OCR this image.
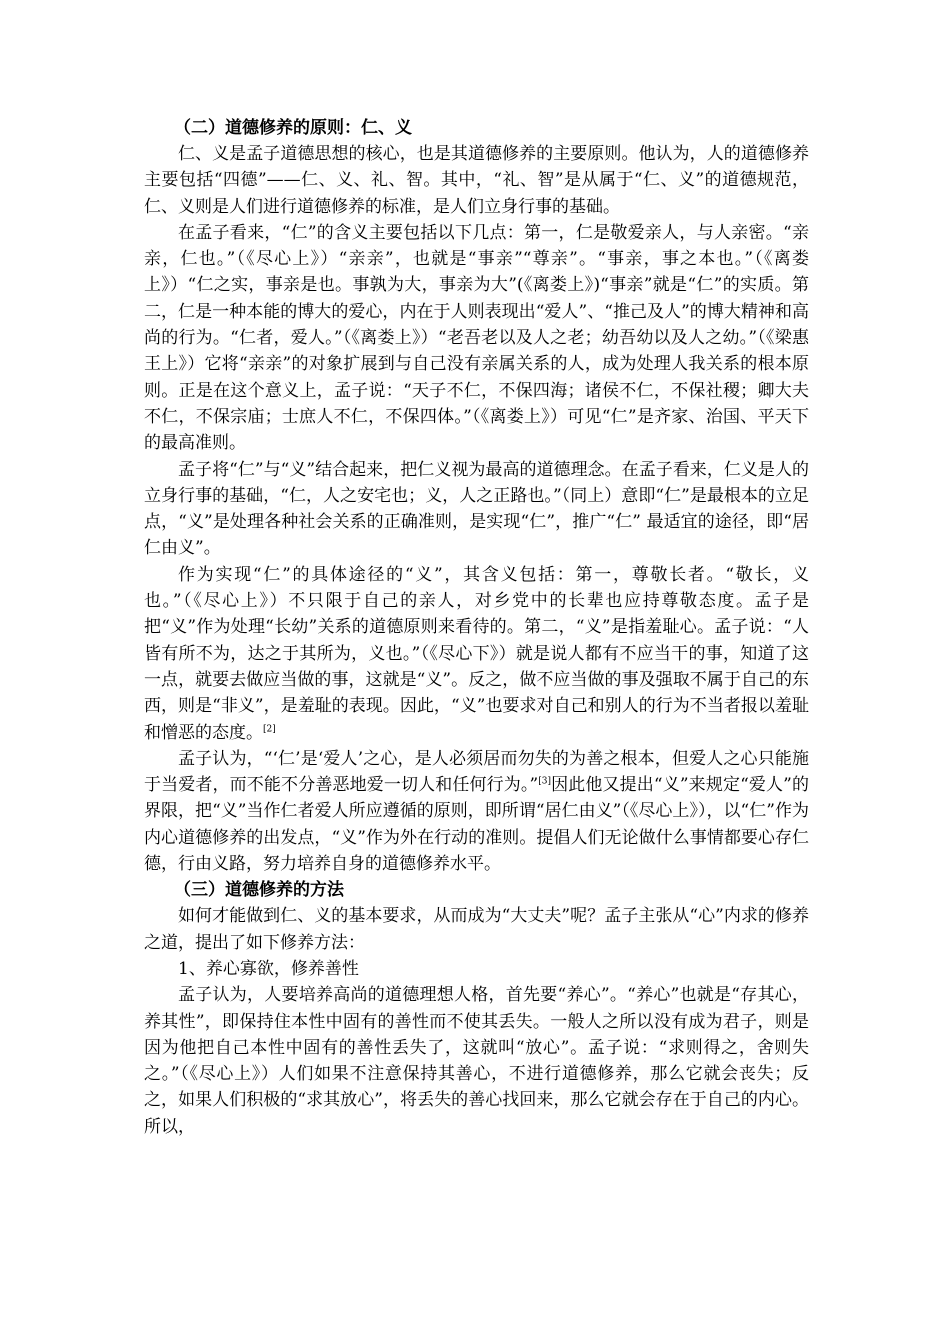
（二）道德修养的原则：仁、义

仁、义是孟子道德思想的核心，也是其道德修养的主要原则。他认为，人的道德修养主要包括“四德”——仁、义、礼、智。其中，“礼、智”是从属于“仁、义”的道德规范，仁、义则是人们进行道德修养的标准，是人们立身行事的基础。

在孟子看来，“仁”的含义主要包括以下几点：第一，仁是敬爱亲人，与人亲密。“亲亲，仁也。”（《尽心上》）“亲亲”，也就是“事亲”“尊亲”。“事亲，事之本也。”（《离娄上》）“仁之实，事亲是也。事孰为大，事亲为大”(《离娄上》)“事亲”就是“仁”的实质。第二，仁是一种本能的博大的爱心，内在于人则表现出“爱人”、“推己及人”的博大精神和高尚的行为。“仁者，爱人。”（《离娄上》）“老吾老以及人之老；幼吾幼以及人之幼。”（《梁惠王上》）它将“亲亲”的对象扩展到与自己没有亲属关系的人，成为处理人我关系的根本原则。正是在这个意义上，孟子说：“天子不仁，不保四海；诸侯不仁，不保社稷；卿大夫不仁，不保宗庙；士庶人不仁，不保四体。”（《离娄上》）可见“仁”是齐家、治国、平天下的最高准则。

孟子将“仁”与“义”结合起来，把仁义视为最高的道德理念。在孟子看来，仁义是人的立身行事的基础，“仁，人之安宅也；义，人之正路也。”（同上）意即“仁”是最根本的立足点，“义”是处理各种社会关系的正确准则，是实现“仁”，推广“仁” 最适宜的途径，即“居仁由义”。

作为实现“仁”的具体途径的“义”，其含义包括：第一，尊敬长者。“敬长，义也。”（《尽心上》）不只限于自己的亲人，对乡党中的长辈也应持尊敬态度。孟子是把“义”作为处理“长幼”关系的道德原则来看待的。第二，“义”是指羞耻心。孟子说：“人皆有所不为，达之于其所为，义也。”（《尽心下》）就是说人都有不应当干的事，知道了这一点，就要去做应当做的事，这就是“义”。反之，做不应当做的事及强取不属于自己的东西，则是“非义”，是羞耻的表现。因此，“义”也要求对自己和别人的行为不当者报以羞耻和憎恶的态度。[2]

孟子认为，“‘仁’是‘爱人’之心，是人必须居而勿失的为善之根本，但爱人之心只能施于当爱者，而不能不分善恶地爱一切人和任何行为。”[3]因此他又提出“义”来规定“爱人”的界限，把“义”当作仁者爱人所应遵循的原则，即所谓“居仁由义”（《尽心上》），以“仁”作为内心道德修养的出发点，“义”作为外在行动的准则。提倡人们无论做什么事情都要心存仁德，行由义路，努力培养自身的道德修养水平。

（三）道德修养的方法

如何才能做到仁、义的基本要求，从而成为“大丈夫”呢？孟子主张从“心”内求的修养之道，提出了如下修养方法：

1、养心寡欲，修养善性

孟子认为，人要培养高尚的道德理想人格，首先要“养心”。“养心”也就是“存其心，养其性”，即保持住本性中固有的善性而不使其丢失。一般人之所以没有成为君子，则是因为他把自己本性中固有的善性丢失了，这就叫“放心”。孟子说：“求则得之，舍则失之。”（《尽心上》）人们如果不注意保持其善心，不进行道德修养，那么它就会丧失；反之，如果人们积极的“求其放心”，将丢失的善心找回来，那么它就会存在于自己的内心。所以，
